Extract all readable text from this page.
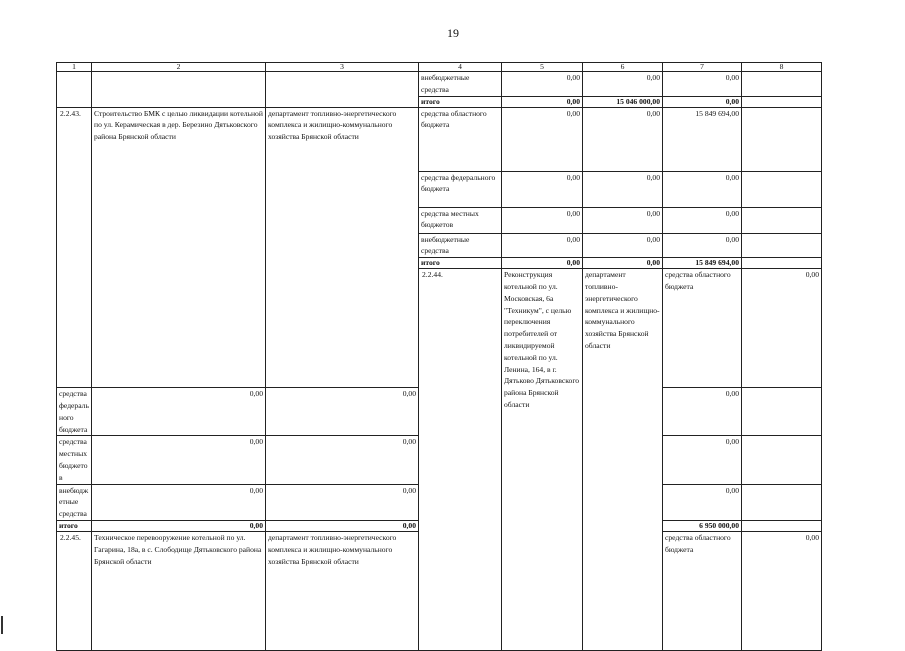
19
1	2	3	4	5	6	7	8	
			внебюджетные средства	0,00	0,00	0,00		
			итого	0,00	15 046 000,00	0,00		
2.2.43.	Строительство БМК с целью ликвидации котельной по ул. Керамическая в дер. Березино Дятьковского района Брянской области	департамент топливно-энергетического комплекса и жилищно-коммунального хозяйства Брянской области	средства областного бюджета	0,00	0,00	15 849 694,00		
			средства федерального бюджета	0,00	0,00	0,00		
			средства местных бюджетов	0,00	0,00	0,00		
			внебюджетные средства	0,00	0,00	0,00		
			итого	0,00	0,00	15 849 694,00		
			2.2.44.	Реконструкция котельной по ул. Московская, 6а "Техникум", с целью переключения потребителей от ликвидируемой котельной по ул. Ленина, 164, в г. Дятьково Дятьковского района Брянской области	департамент топливно-энергетического комплекса и жилищно-коммунального хозяйства Брянской области	средства областного бюджета	0,00			
средства федерального бюджета	0,00	0,00				0,00		
средства местных бюджетов	0,00	0,00				0,00		
внебюджетные средства	0,00	0,00				0,00		
итого	0,00	0,00				6 950 000,00		
2.2.45.	Техническое перевооружение котельной по ул. Гагарина, 18а, в с. Слободище Дятьковского района Брянской области	департамент топливно-энергетического комплекса и жилищно-коммунального хозяйства Брянской области				средства областного бюджета	0,00			
